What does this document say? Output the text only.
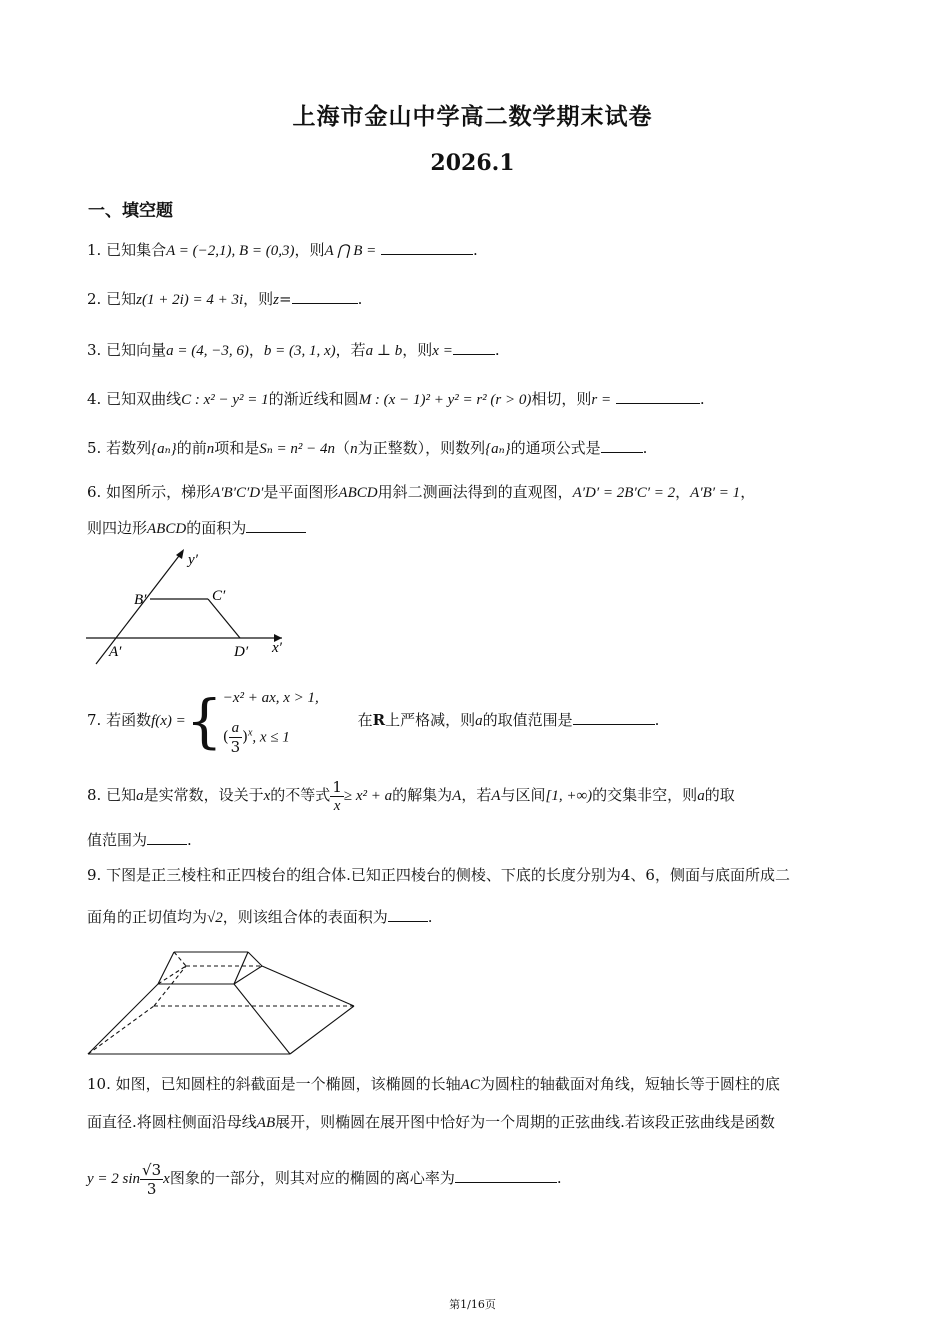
上海市金山中学高二数学期末试卷
2026.1
一、填空题
1. 已知集合A = (−2,1), B = (0,3)，则A ⋂ B =	.
2. 已知z(1 + 2i) = 4 + 3i，则z=	.
3. 已知向量a = (4, −3, 6)，b = (3, 1, x)，若a ⊥ b，则x =	.
4. 已知双曲线C : x² − y² = 1的渐近线和圆M : (x − 1)² + y² = r² (r > 0)相切，则r =	.
5. 若数列{aₙ}的前n项和是Sₙ = n² − 4n（n为正整数），则数列{aₙ}的通项公式是	.
6. 如图所示，梯形A′B′C′D′是平面图形ABCD用斜二测画法得到的直观图，A′D′ = 2B′C′ = 2，A′B′ = 1，
则四边形ABCD的面积为
y′
x′
B′	C′
A′	D′
7. 若函数f(x) ={ −x² + ax, x > 1,
( $\frac{a}{3} )^x$, x ≤ 1
在R上严格减，则a的取值范围是	.
8. 已知a是实常数，设关于x的不等式 $\frac{1}{x} \ge x^2 + a$的解集为A，若A与区间[1, +∞)的交集非空，则a的取
值范围为	.
9. 下图是正三棱柱和正四棱台的组合体.已知正四棱台的侧棱、下底的长度分别为4、6，侧面与底面所成二
面角的正切值均为√2，则该组合体的表面积为	.
10. 如图，已知圆柱的斜截面是一个椭圆，该椭圆的长轴AC为圆柱的轴截面对角线，短轴长等于圆柱的底
面直径.将圆柱侧面沿母线AB展开，则椭圆在展开图中恰好为一个周期的正弦曲线.若该段正弦曲线是函数
y = 2 $\sin \frac{√3}{3}$ x图象的一部分，则其对应的椭圆的离心率为	.
第1/16页
